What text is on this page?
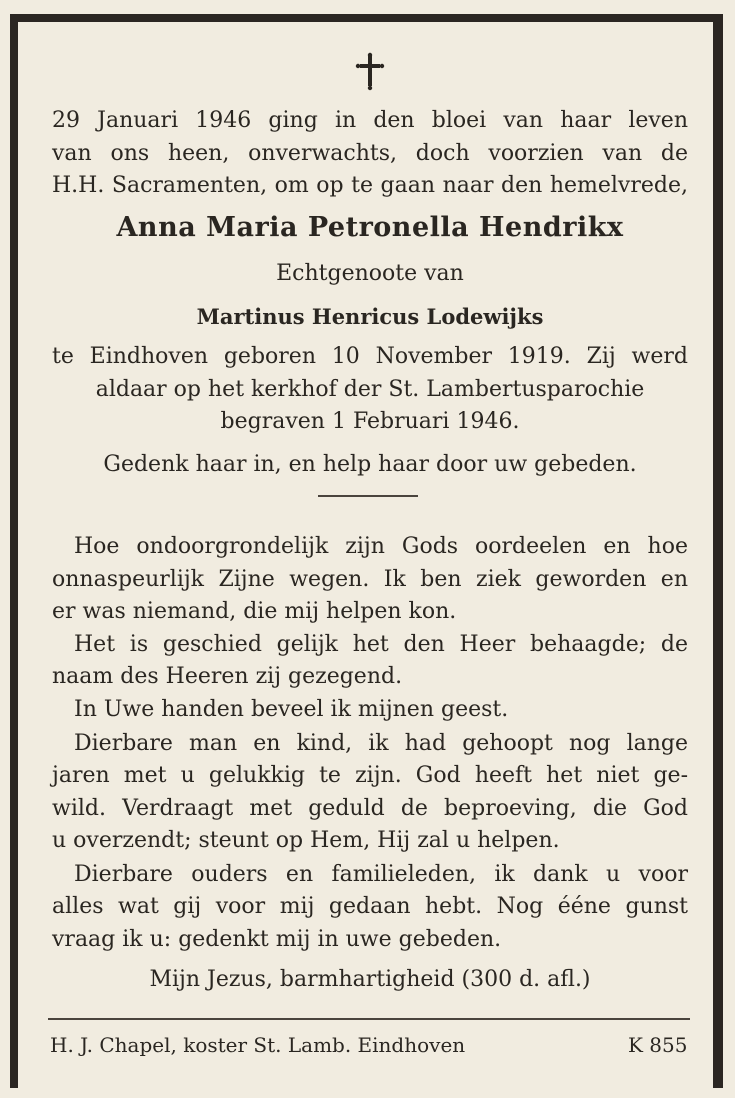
29 Januari 1946 ging in den bloei van haar leven
van ons heen, onverwachts, doch voorzien van de
H.H. Sacramenten, om op te gaan naar den hemelvrede,
Anna Maria Petronella Hendrikx
Echtgenoote van
Martinus Henricus Lodewijks
te Eindhoven geboren 10 November 1919. Zij werd
aldaar op het kerkhof der St. Lambertusparochie
begraven 1 Februari 1946.
Gedenk haar in, en help haar door uw gebeden.
Hoe ondoorgrondelijk zijn Gods oordeelen en hoe
onnaspeurlijk Zijne wegen. Ik ben ziek geworden en
er was niemand, die mij helpen kon.
Het is geschied gelijk het den Heer behaagde; de
naam des Heeren zij gezegend.
In Uwe handen beveel ik mijnen geest.
Dierbare man en kind, ik had gehoopt nog lange
jaren met u gelukkig te zijn. God heeft het niet ge-
wild. Verdraagt met geduld de beproeving, die God
u overzendt; steunt op Hem, Hij zal u helpen.
Dierbare ouders en familieleden, ik dank u voor
alles wat gij voor mij gedaan hebt. Nog ééne gunst
vraag ik u: gedenkt mij in uwe gebeden.
Mijn Jezus, barmhartigheid (300 d. afl.)
H. J. Chapel, koster St. Lamb. Eindhoven	K 855
